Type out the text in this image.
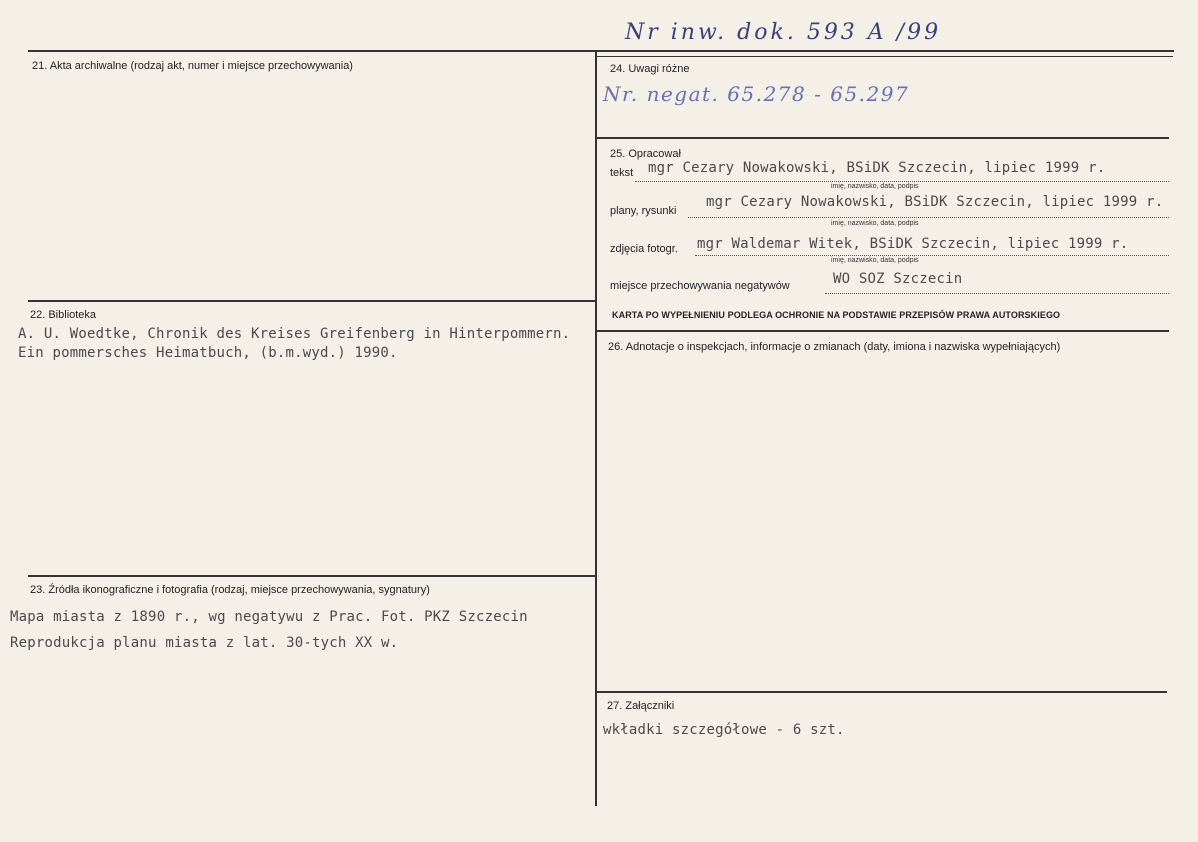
Nr inw. dok. 593 A /99
21. Akta archiwalne (rodzaj akt, numer i miejsce przechowywania)
22. Biblioteka
A. U. Woedtke, Chronik des Kreises Greifenberg in Hinterpommern.
Ein pommersches Heimatbuch, (b.m.wyd.) 1990.
23. Źródła ikonograficzne i fotografia (rodzaj, miejsce przechowywania, sygnatury)
Mapa miasta z 1890 r., wg negatywu z Prac. Fot. PKZ Szczecin
Reprodukcja planu miasta z lat. 30-tych XX w.
24. Uwagi różne
Nr. negat. 65.278 - 65.297
25. Opracował
tekst mgr Cezary Nowakowski, BSiDK Szczecin, lipiec 1999 r.
imię, nazwisko, data, podpis
plany, rysunki
mgr Cezary Nowakowski, BSiDK Szczecin, lipiec 1999 r.
imię, nazwisko, data, podpis
zdjęcia fotogr. mgr Waldemar Witek, BSiDK Szczecin, lipiec 1999 r.
imię, nazwisko, data, podpis
miejsce przechowywania negatywów	WO SOZ Szczecin
KARTA PO WYPEŁNIENIU PODLEGA OCHRONIE NA PODSTAWIE PRZEPISÓW PRAWA AUTORSKIEGO
26. Adnotacje o inspekcjach, informacje o zmianach (daty, imiona i nazwiska wypełniających)
27. Załączniki
wkładki szczegółowe - 6 szt.
